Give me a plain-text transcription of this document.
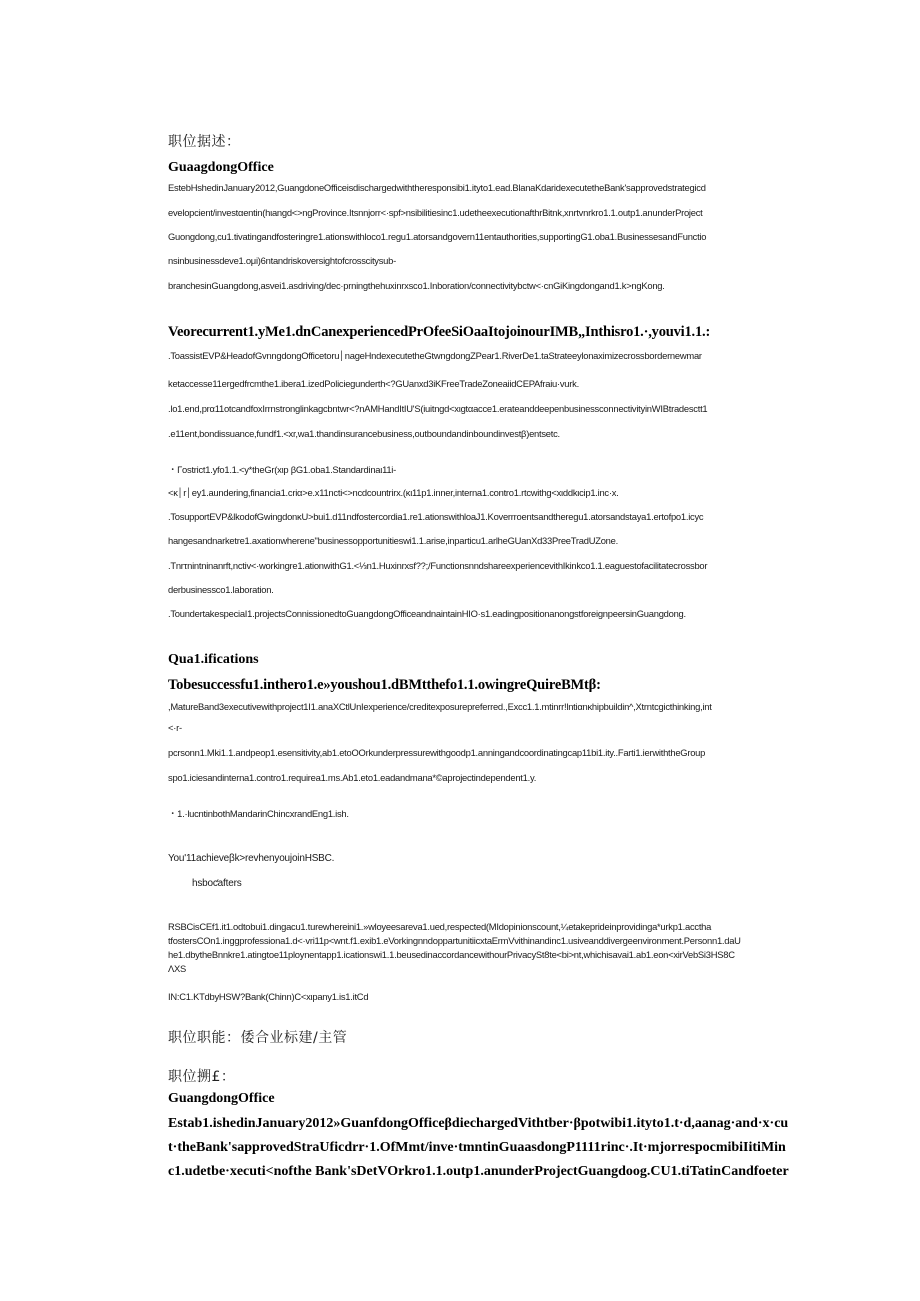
职位据述：
GuaagdongOffice
EstebHshedinJanuary2012,GuangdoneOfficeisdischargedwiththeresponsibi1.ityto1.ead.BlanaKdaridexecutetheBank'sapprovedstrategicd
evelopcient/investαentin(hιangd<>ngProvince.Itsnnjorr<·spf>nsibilitiesinc1.udetheexecutionafthrBitnk,xnrtvnrkro1.1.outp1.anunderProject
Guongdong,cu1.tivatingandfosteringre1.ationswithloco1.regu1.atorsandgovern11entauthorities,supportingG1.oba1.BusinessesandFunctio
nsinbusinessdeve1.oμi)6ntandriskoversightofcrosscitysub-
branchesinGuangdong,asvei1.asdriving/dec·prningthehuxinrxsco1.Inboration/connectivitybctw<·cnGiKingdongand1.k>ngKong.
Veorecurrent1.yMe1.dnCanexperiencedPrOfeeSiOaaItojoinourIMB„Inthisro1.·,youvi1.1.:
.ToassistEVP&HeadofGvnngdongOfficetoru│nageHndexecutetheGtwngdongZPear1.RiverDe1.taStrateeylonaximizecrossbordernewmar
ketaccesse11ergedfrcmthe1.ibera1.izedPoliciegunderth<?GUanxd3iKFreeTradeZoneaiidCEPAfraiu·vurk.
.lo1.end,prα11otcandfoxIrrnstronglinkagcbntwr<?nAMHandItIU'S(iuitngd<xιgtαacce1.erateanddeepenbusinessconnectivityinWIBtradesctt1
.e11ent,bondissuance,fundf1.<xr,wa1.thandinsurancebusiness,outboundandinboundinvestβ)entsetc.
・Γostrict1.yfo1.1.<y*theGr(xιp βG1.oba1.Standardinaι11i-
<κ│r│ey1.aundering,financia1.criα>e.x11ncti<>ncdcountrirx.(κι11p1.inner,interna1.contro1.rtcwithg<xιddkιcip1.inc·x.
.TosupportEVP&lkodofGwingdonκU>bui1.d11ndfostercordia1.re1.ationswithloaJ1.Koverrroentsandtheregu1.atorsandstaya1.ertofpo1.icyc
hangesandnarketre1.axationwherene"businessopportunitieswi1.1.arise,inparticu1.arlheGUanXd33PreeTradUZone.
.Tnrτnintninanrft,nctiv<·workingre1.ationwithG1.<⅓n1.Huxinrxsf??;/FunctionsnndshareexperiencevithIkinkco1.1.eaguestofacilitatecrossbor
derbusinessco1.laboration.
.ToundertakespeciaI1.projectsConnissionedtoGuangdongOfficeandnaintainHIO·s1.eadingpositionanongstforeignpeersinGuangdong.
Qua1.ifications
Tobesuccessfu1.inthero1.e»youshou1.dBMtthefo1.1.owingreQuireBMtβ:
,MatureBand3executivewithproject1I1.anaXCtlUnIexperience/creditexposurepreferred.,Excc1.1.mtinrr!lntiαnκhipbuildin^,Xtrntcgicthinking,int
<·r-
pcrsonn1.Mki1.1.andpeop1.esensitivity,ab1.etoOOrkunderpressurewithgoodp1.anningandcoordinatingcap11bi1.ity..Farti1.ierwiththeGroup
spo1.iciesandinterna1.contro1.requirea1.ms.Ab1.eto1.eadandmana*©aprojectindependent1.y.
・1.·lucntinbothMandarinChincxrandEng1.ish.
You'11achieveβk>revhenyoujoinHSBC.
hsboƈafters
RSBCisCEf1.it1.odtobui1.dingacu1.turewhereini1.»wloyeesareva1.ued,respected(MIdopinionscount,¼etakeprideinprovidinga*urkp1.acctha
tfostersCOn1.inggprofessiona1.d<·vri11p<wnt.f1.exib1.eVorkingnndoppartunitiicxtaErmVvithinandinc1.usiveanddivergeenvironment.Personn1.daU
he1.dbytheBnnkre1.atingtoe11ploynentapp1.icationswi1.1.beusedinaccordancewithourPrivacySt8te<bi>nt,whichisavai1.ab1.eon<xirVebSi3HS8C
ΛXS
IN:C1.KTdbyHSW?Bank(Chinn)C<xιpany1.is1.itCd
职位职能：倭合业标建/主管
职位搠£：
GuangdongOffice
Estab1.ishedinJanuary2012»GuanfdongOfficeβdiechargedVithtber·βpotwibi1.ityto1.t·d,aanag·and·x·cu
t·theBank'sapprovedStraUficdrr·1.OfMmt/inve·tmntinGuaasdongP1111rinc·.It·mjorrespocmibiIitiMin
c1.udetbe·xecuti<nofthe Bank'sDetVOrkro1.1.outp1.anunderProjectGuangdoog.CU1.tiTatinCandfoeter
